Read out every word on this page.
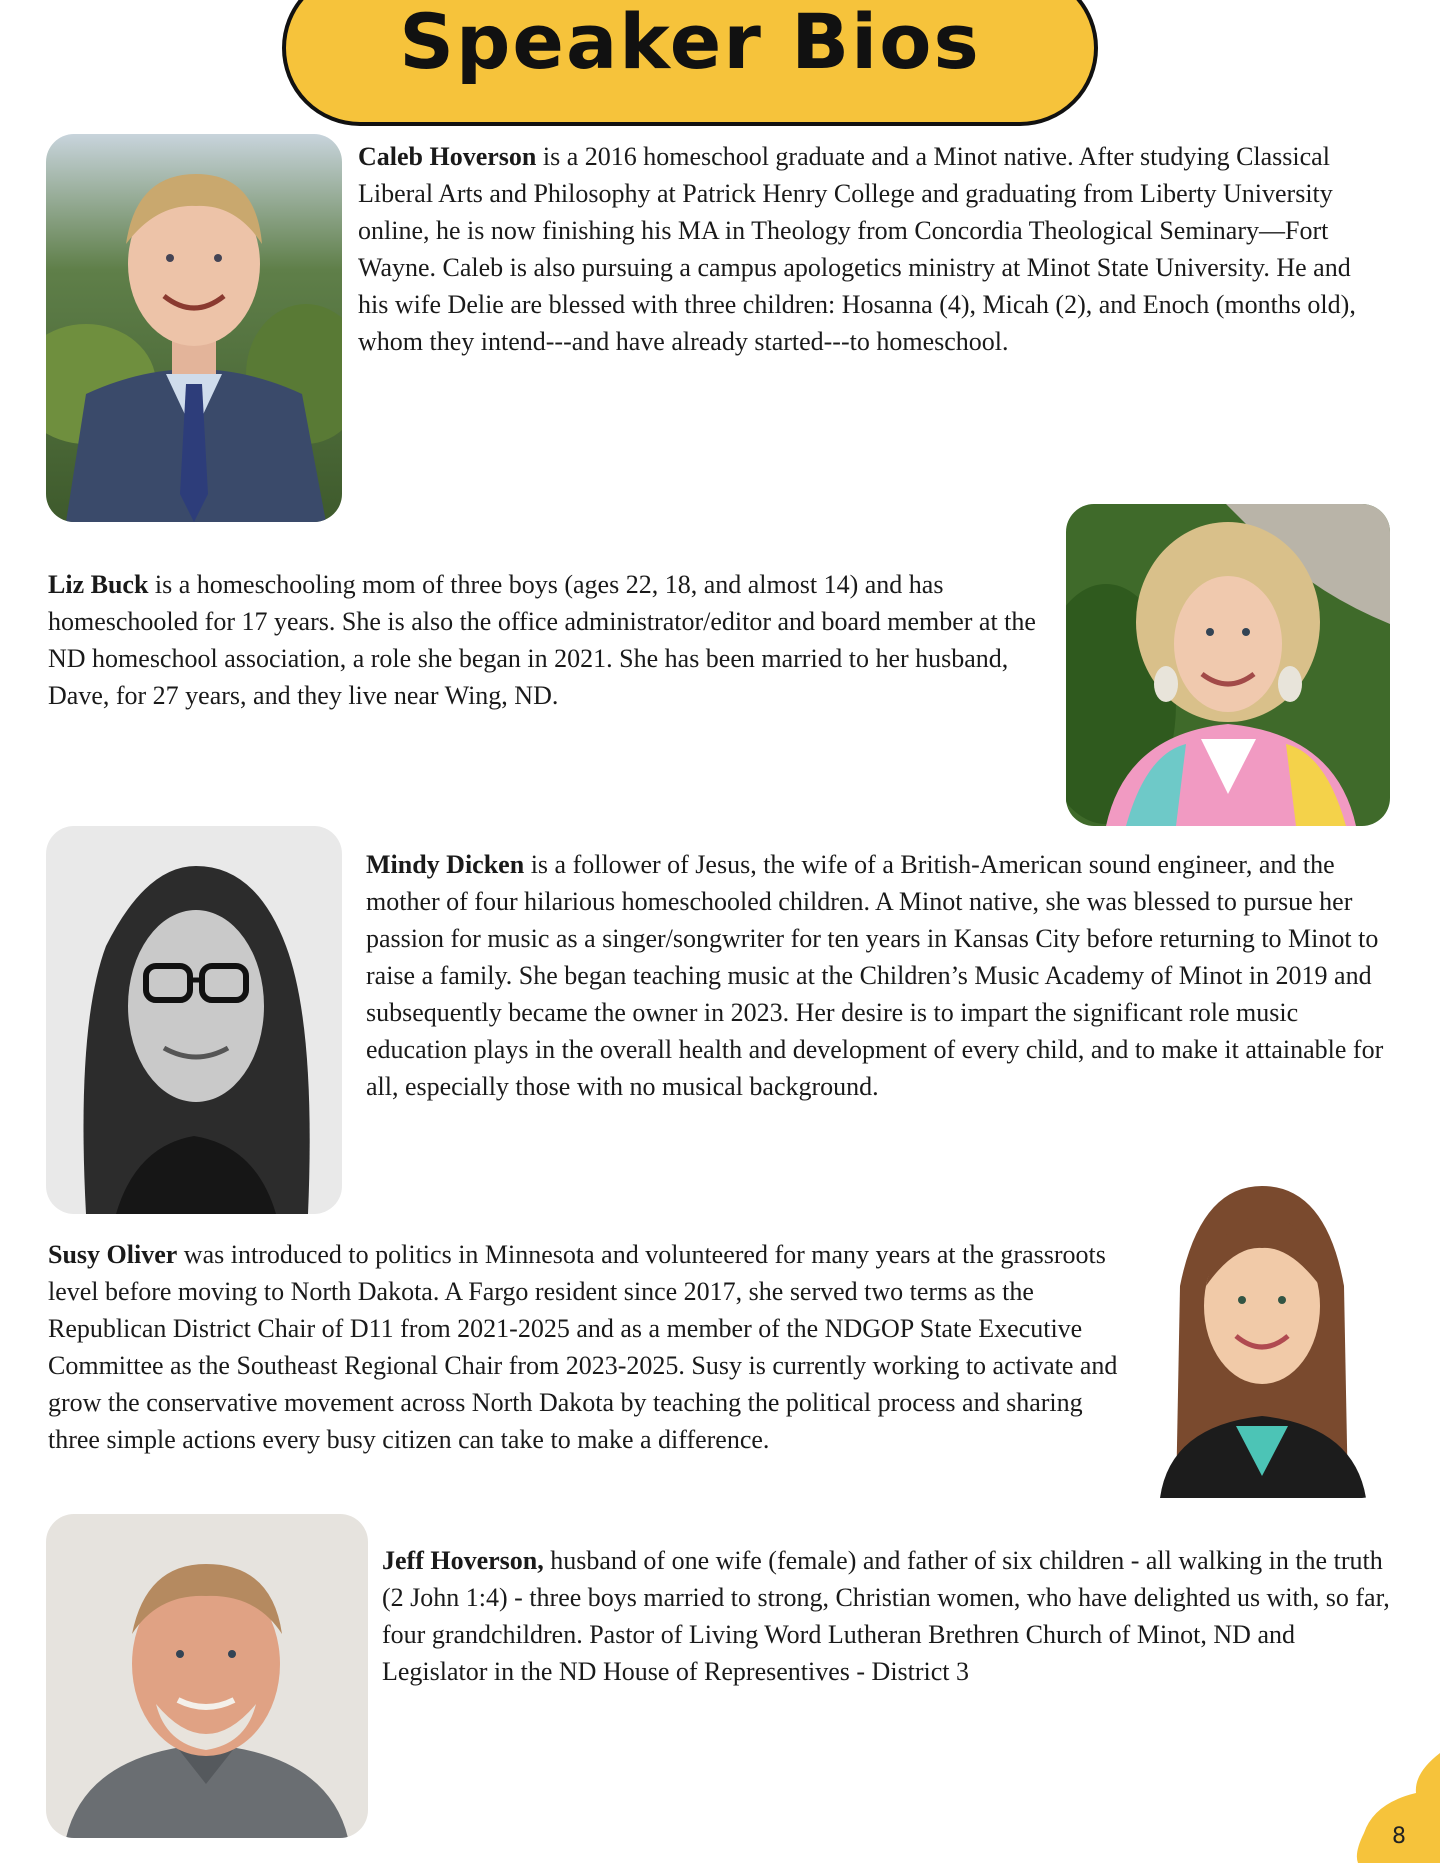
Speaker Bios

Caleb Hoverson is a 2016 homeschool graduate and a Minot native. After studying Classical Liberal Arts and Philosophy at Patrick Henry College and graduating from Liberty University online, he is now finishing his MA in Theology from Concordia Theological Seminary—Fort Wayne. Caleb is also pursuing a campus apologetics ministry at Minot State University. He and his wife Delie are blessed with three children: Hosanna (4), Micah (2), and Enoch (months old), whom they intend---and have already started---to homeschool.

Liz Buck is a homeschooling mom of three boys (ages 22, 18, and almost 14) and has homeschooled for 17 years. She is also the office administrator/editor and board member at the ND homeschool association, a role she began in 2021. She has been married to her husband, Dave, for 27 years, and they live near Wing, ND.

Mindy Dicken is a follower of Jesus, the wife of a British-American sound engineer, and the mother of four hilarious homeschooled children. A Minot native, she was blessed to pursue her passion for music as a singer/songwriter for ten years in Kansas City before returning to Minot to raise a family. She began teaching music at the Children’s Music Academy of Minot in 2019 and subsequently became the owner in 2023. Her desire is to impart the significant role music education plays in the overall health and development of every child, and to make it attainable for all, especially those with no musical background.

Susy Oliver was introduced to politics in Minnesota and volunteered for many years at the grassroots level before moving to North Dakota. A Fargo resident since 2017, she served two terms as the Republican District Chair of D11 from 2021-2025 and as a member of the NDGOP State Executive Committee as the Southeast Regional Chair from 2023-2025. Susy is currently working to activate and grow the conservative movement across North Dakota by teaching the political process and sharing three simple actions every busy citizen can take to make a difference.

Jeff Hoverson, husband of one wife (female) and father of six children - all walking in the truth (2 John 1:4) - three boys married to strong, Christian women, who have delighted us with, so far, four grandchildren. Pastor of Living Word Lutheran Brethren Church of Minot, ND and Legislator in the ND House of Representives - District 3

8
